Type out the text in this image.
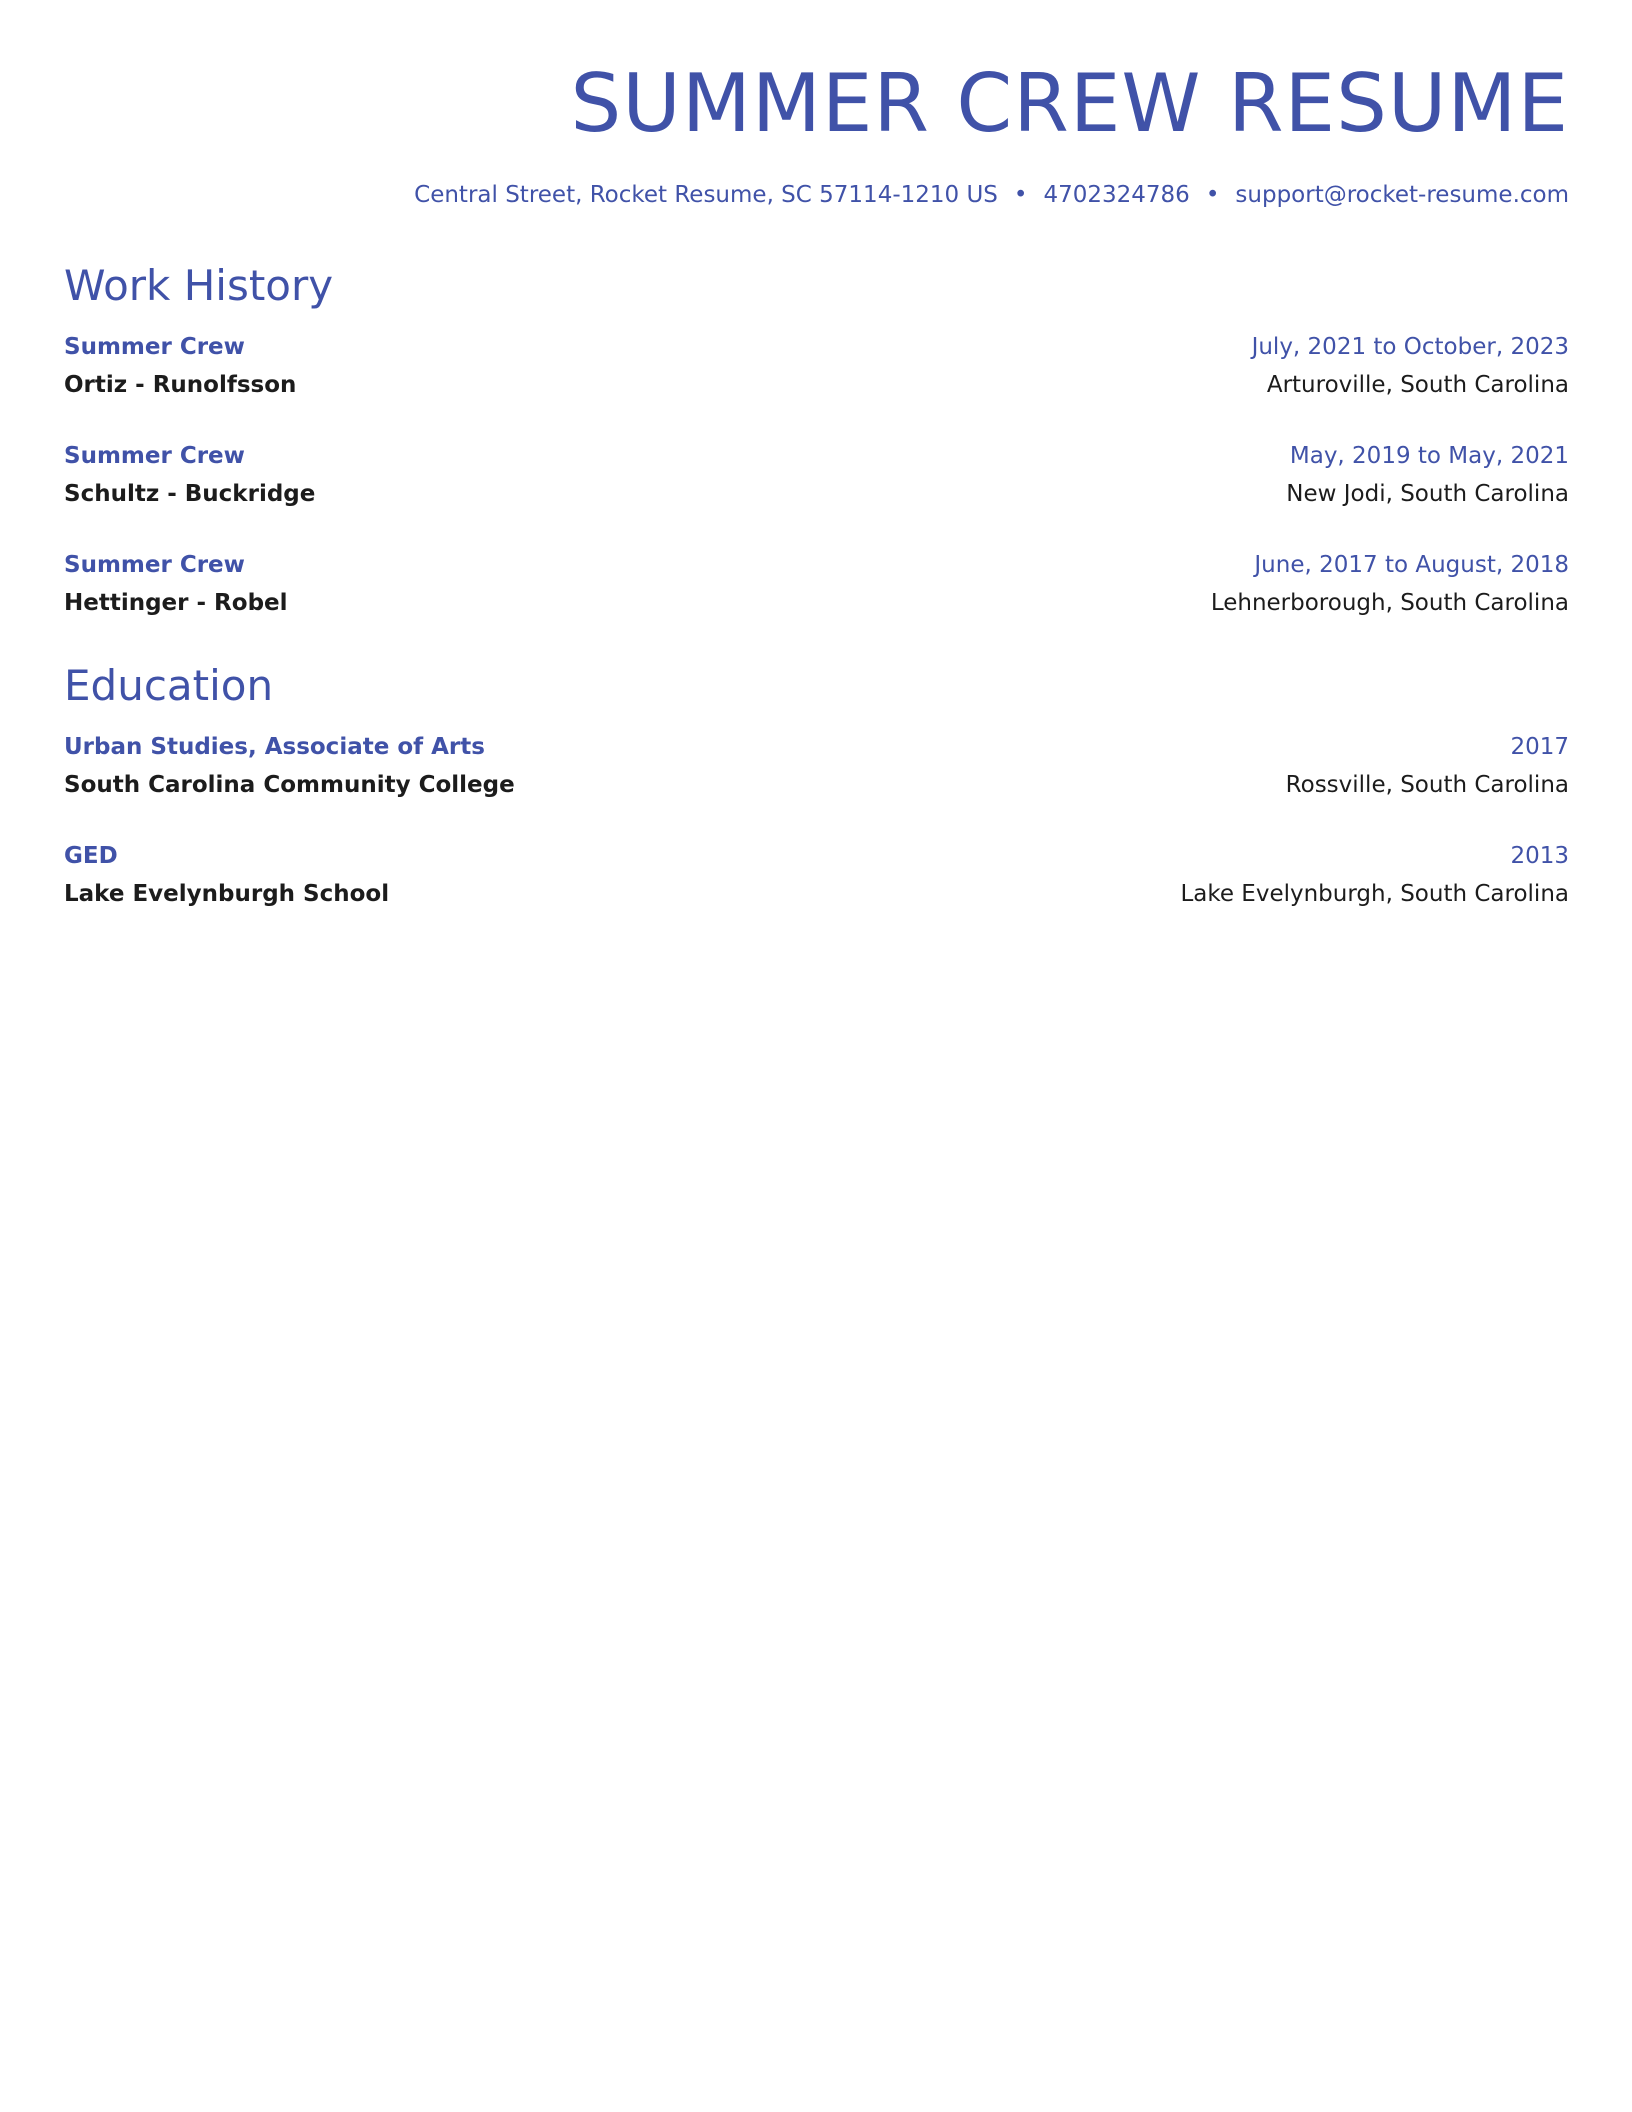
SUMMER CREW RESUME
Central Street, Rocket Resume, SC 57114-1210 US • 4702324786 • support@rocket-resume.com
Work History
Summer Crew	July, 2021 to October, 2023
Ortiz - Runolfsson	Arturoville, South Carolina
Summer Crew	May, 2019 to May, 2021
Schultz - Buckridge	New Jodi, South Carolina
Summer Crew	June, 2017 to August, 2018
Hettinger - Robel	Lehnerborough, South Carolina
Education
Urban Studies, Associate of Arts	2017
South Carolina Community College	Rossville, South Carolina
GED	2013
Lake Evelynburgh School	Lake Evelynburgh, South Carolina
